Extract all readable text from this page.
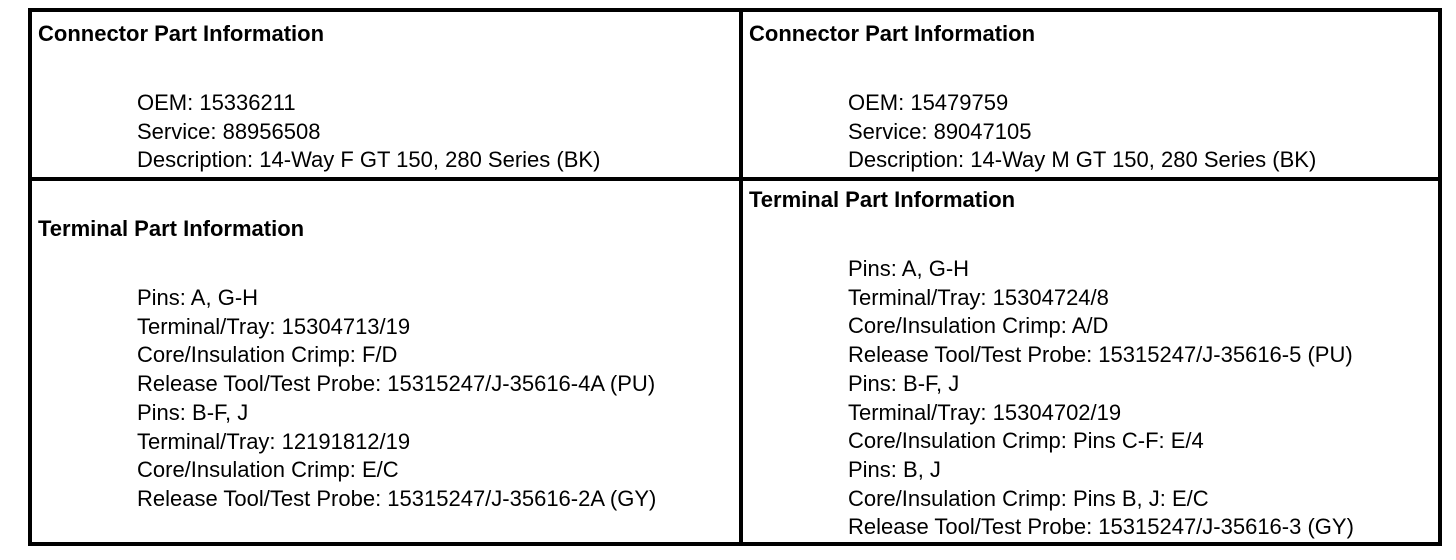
Connector Part Information
OEM: 15336211
Service: 88956508
Description: 14-Way F GT 150, 280 Series (BK)
Terminal Part Information
Pins: A, G-H
Terminal/Tray: 15304713/19
Core/Insulation Crimp: F/D
Release Tool/Test Probe: 15315247/J-35616-4A (PU)
Pins: B-F, J
Terminal/Tray: 12191812/19
Core/Insulation Crimp: E/C
Release Tool/Test Probe: 15315247/J-35616-2A (GY)
Connector Part Information
OEM: 15479759
Service: 89047105
Description: 14-Way M GT 150, 280 Series (BK)
Terminal Part Information
Pins: A, G-H
Terminal/Tray: 15304724/8
Core/Insulation Crimp: A/D
Release Tool/Test Probe: 15315247/J-35616-5 (PU)
Pins: B-F, J
Terminal/Tray: 15304702/19
Core/Insulation Crimp: Pins C-F: E/4
Pins: B, J
Core/Insulation Crimp: Pins B, J: E/C
Release Tool/Test Probe: 15315247/J-35616-3 (GY)
